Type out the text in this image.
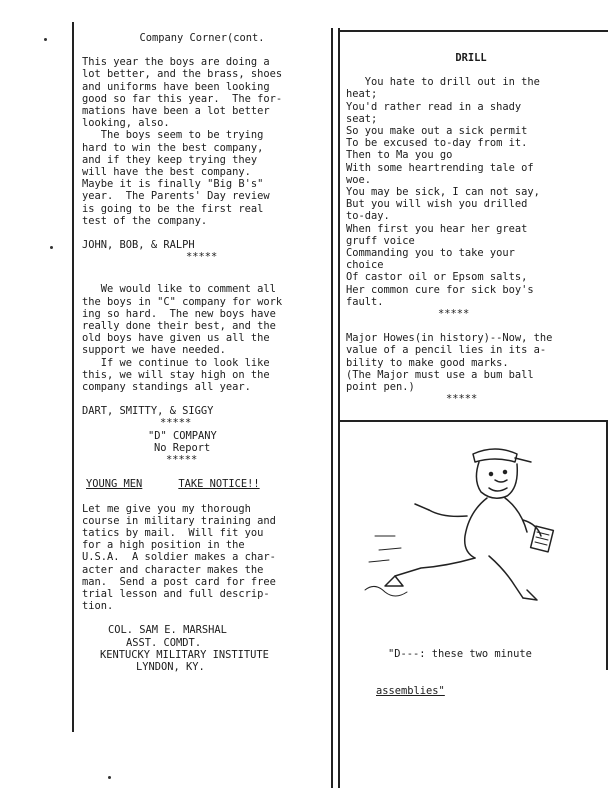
Company Corner(cont.

This year the boys are doing a

lot better, and the brass, shoes

and uniforms have been looking

good so far this year.  The for-

mations have been a lot better

looking, also.

The boys seem to be trying

hard to win the best company,

and if they keep trying they

will have the best company.

Maybe it is finally "Big B's"

year.  The Parents' Day review

is going to be the first real

test of the company.

JOHN, BOB, & RALPH

*****

We would like to comment all

the boys in "C" company for work

ing so hard.  The new boys have

really done their best, and the

old boys have given us all the

support we have needed.

If we continue to look like

this, we will stay high on the

company standings all year.

DART, SMITTY, & SIGGY

*****

"D" COMPANY

No Report

*****

YOUNG MEN	TAKE NOTICE!!

Let me give you my thorough

course in military training and

tatics by mail.  Will fit you

for a high position in the

U.S.A.  A soldier makes a char-

acter and character makes the

man.  Send a post card for free

trial lesson and full descrip-

tion.

COL. SAM E. MARSHAL

ASST. COMDT.

KENTUCKY MILITARY INSTITUTE

LYNDON, KY.

DRILL

You hate to drill out in the

heat;

You'd rather read in a shady

seat;

So you make out a sick permit

To be excused to-day from it.

Then to Ma you go

With some heartrending tale of

woe.

You may be sick, I can not say,

But you will wish you drilled

to-day.

When first you hear her great

gruff voice

Commanding you to take your

choice

Of castor oil or Epsom salts,

Her common cure for sick boy's

fault.

*****

Major Howes(in history)--Now, the

value of a pencil lies in its a-

bility to make good marks.

(The Major must use a bum ball

point pen.)

*****

"D---: these two minute

assemblies"
